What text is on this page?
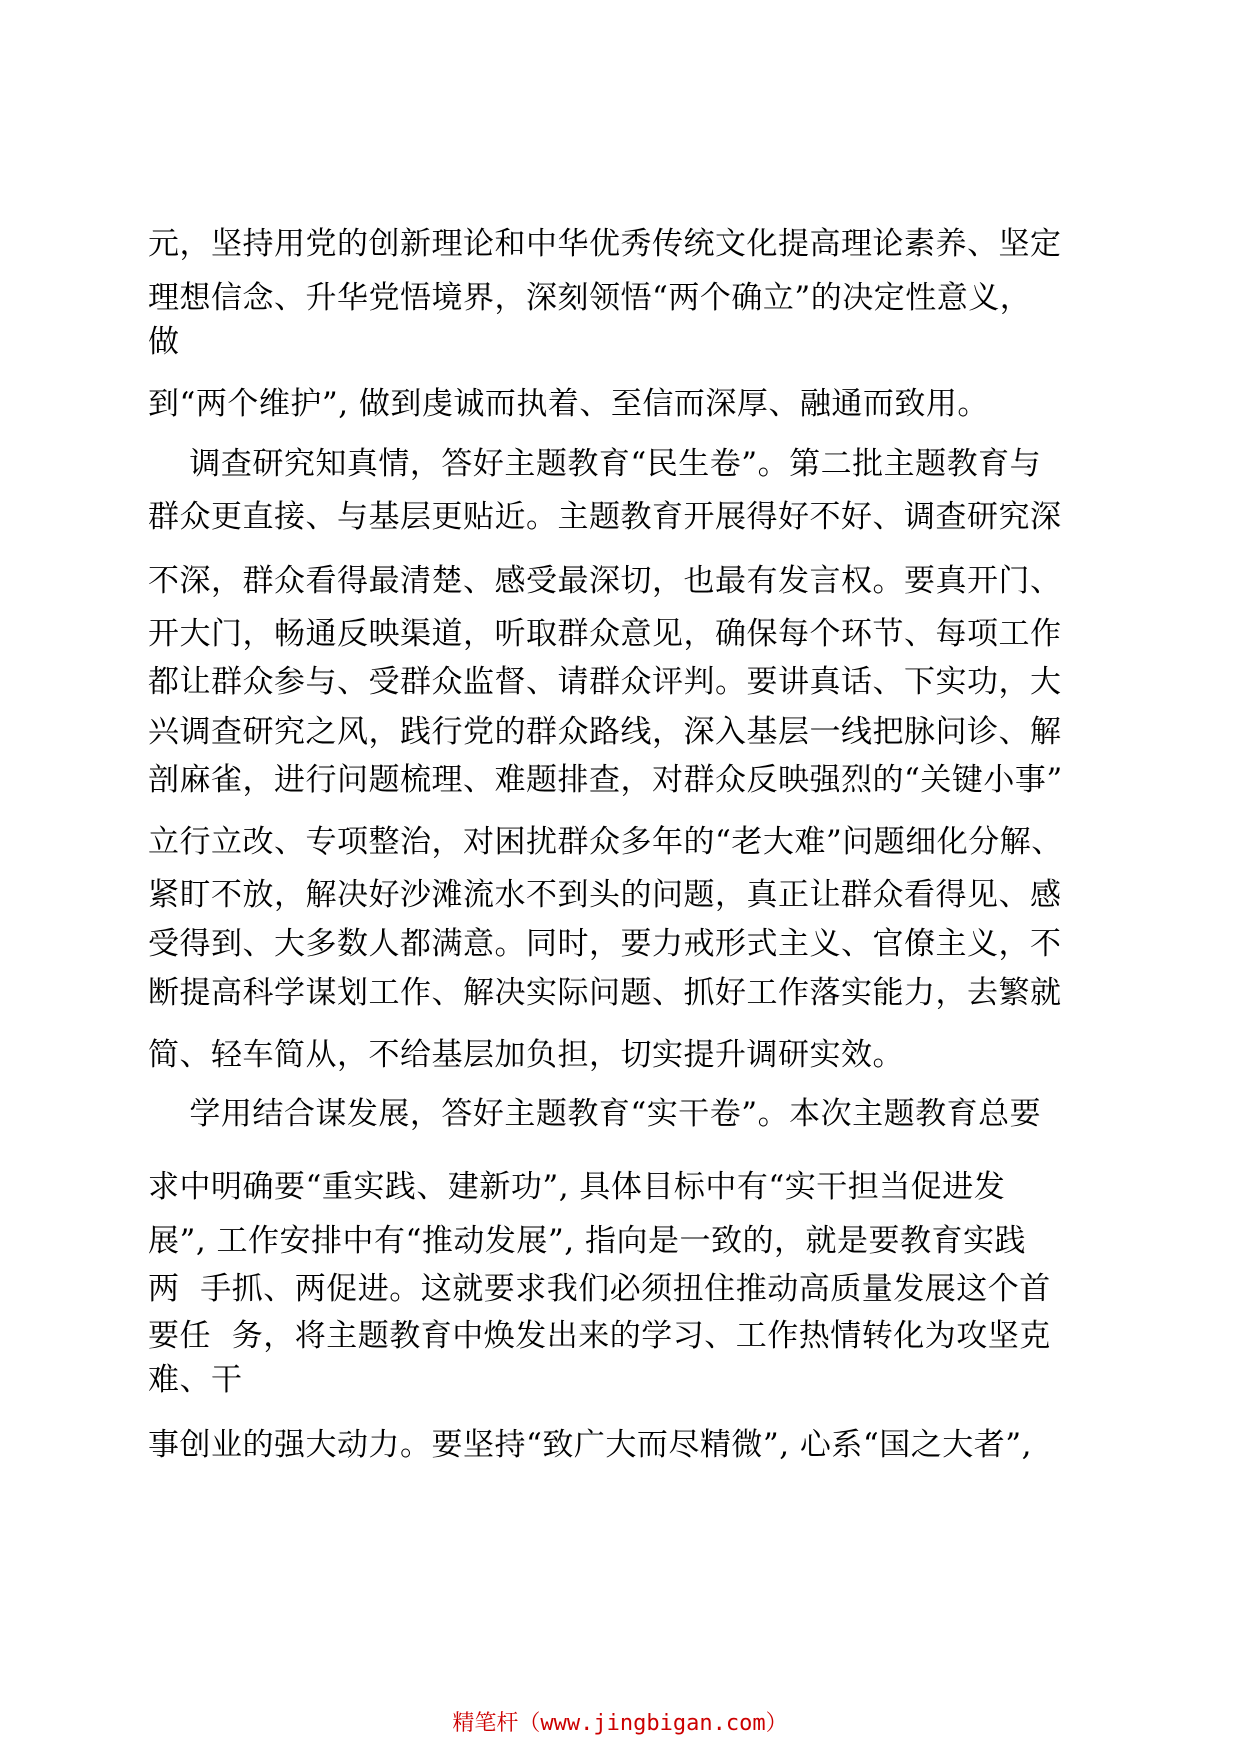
元，坚持用党的创新理论和中华优秀传统文化提高理论素养、坚定
理想信念、升华党悟境界，深刻领悟“两个确立”的决定性意义，
做
到“两个维护”, 做到虔诚而执着、至信而深厚、融通而致用。
调查研究知真情，答好主题教育“民生卷”。第二批主题教育与
群众更直接、与基层更贴近。主题教育开展得好不好、调查研究深
不深，群众看得最清楚、感受最深切，也最有发言权。要真开门、
开大门，畅通反映渠道，听取群众意见，确保每个环节、每项工作
都让群众参与、受群众监督、请群众评判。要讲真话、下实功，大
兴调查研究之风，践行党的群众路线，深入基层一线把脉问诊、解
剖麻雀，进行问题梳理、难题排查，对群众反映强烈的“关键小事”
立行立改、专项整治，对困扰群众多年的“老大难”问题细化分解、
紧盯不放，解决好沙滩流水不到头的问题，真正让群众看得见、感
受得到、大多数人都满意。同时，要力戒形式主义、官僚主义，不
断提高科学谋划工作、解决实际问题、抓好工作落实能力，去繁就
简、轻车简从，不给基层加负担，切实提升调研实效。
学用结合谋发展，答好主题教育“实干卷”。本次主题教育总要
求中明确要“重实践、建新功”, 具体目标中有“实干担当促进发
展”, 工作安排中有“推动发展”, 指向是一致的，就是要教育实践
两  手抓、两促进。这就要求我们必须扭住推动高质量发展这个首
要任  务，将主题教育中焕发出来的学习、工作热情转化为攻坚克
难、干
事创业的强大动力。要坚持“致广大而尽精微”, 心系“国之大者”,
精笔杆（www.jingbigan.com）
